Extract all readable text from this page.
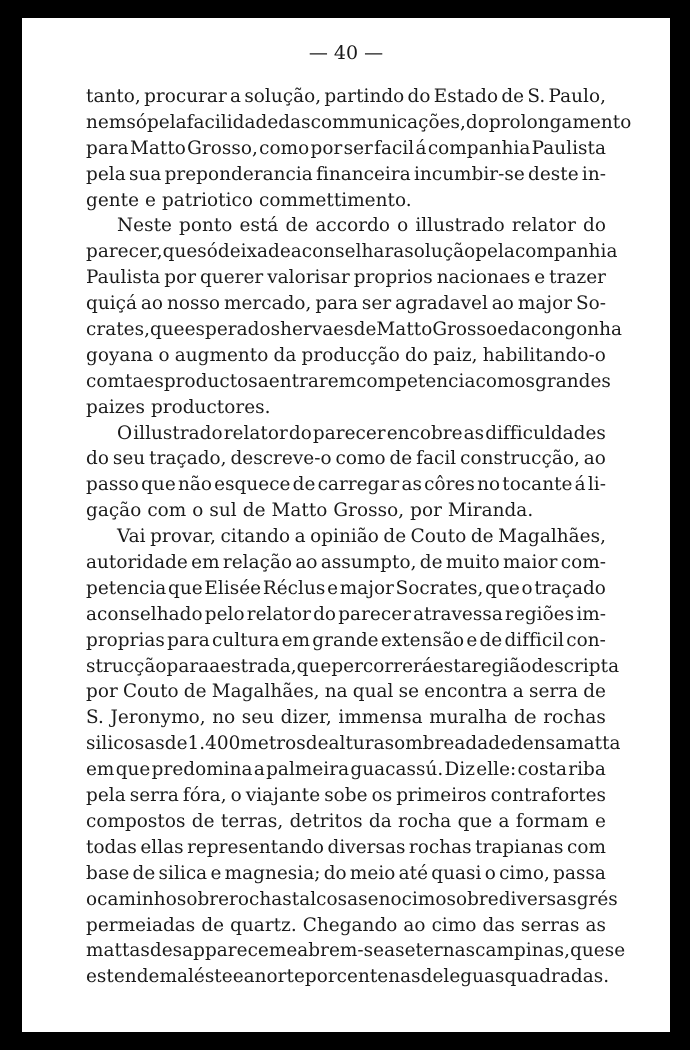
— 40 —

tanto, procurar a solução, partindo do Estado de S. Paulo,
nem só pela facilidade das communicações, do prolongamento
para Matto Grosso, como por ser facil á companhia Paulista
pela sua preponderancia financeira incumbir-se deste in-
gente e patriotico commettimento.
Neste ponto está de accordo o illustrado relator do
parecer, que só deixa de aconselhar a solução pela companhia
Paulista por querer valorisar proprios nacionaes e trazer
quiçá ao nosso mercado, para ser agradavel ao major So-
crates, que espera dos hervaes de Matto Grosso e da congonha
goyana o augmento da producção do paiz, habilitando-o
com taes productos a entrar em competencia com os grandes
paizes productores.
O illustrado relator do parecer encobre as difficuldades
do seu traçado, descreve-o como de facil construcção, ao
passo que não esquece de carregar as côres no tocante á li-
gação com o sul de Matto Grosso, por Miranda.
Vai provar, citando a opinião de Couto de Magalhães,
autoridade em relação ao assumpto, de muito maior com-
petencia que Elisée Réclus e major Socrates, que o traçado
aconselhado pelo relator do parecer atravessa regiões im-
proprias para cultura em grande extensão e de difficil con-
strucção para a estrada, que percorrerá esta região descripta
por Couto de Magalhães, na qual se encontra a serra de
S. Jeronymo, no seu dizer, immensa muralha de rochas
silicosas de 1.400 metros de altura sombreada de densa matta
em que predomina a palmeira guacassú. Diz elle: costa riba
pela serra fóra, o viajante sobe os primeiros contrafortes
compostos de terras, detritos da rocha que a formam e
todas ellas representando diversas rochas trapianas com
base de silica e magnesia; do meio até quasi o cimo, passa
o caminho sobre rochas talcosas e no cimo sobre diversas grés
permeiadas de quartz. Chegando ao cimo das serras as
mattas desapparecem e abrem-se as eternas campinas, que se
estendem a léste e a norte por centenas de leguas quadradas.
